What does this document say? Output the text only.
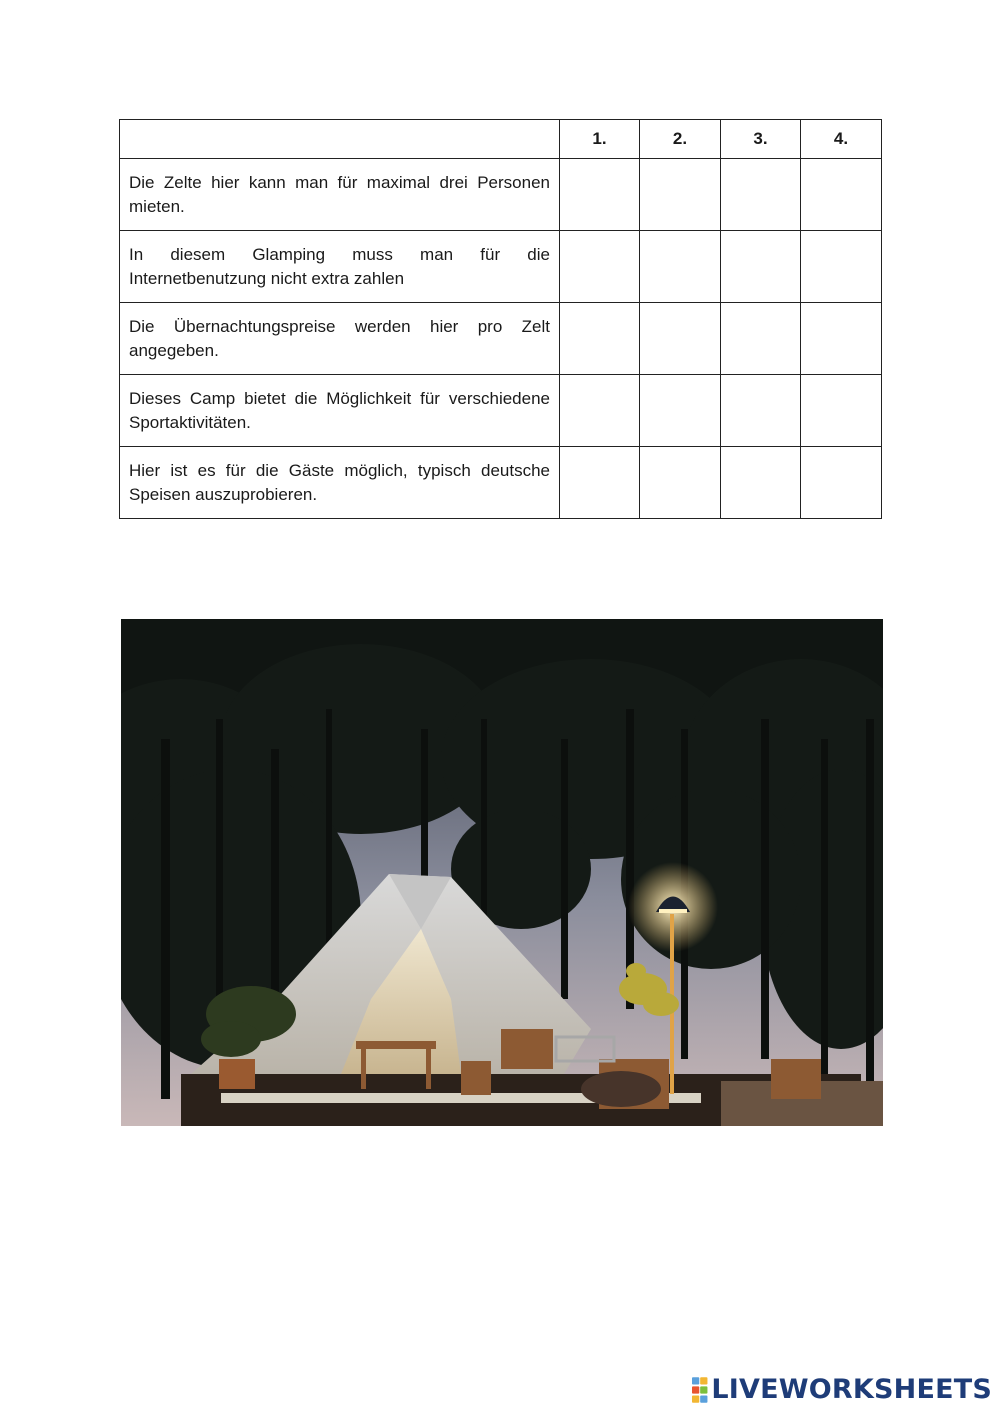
	1.	2.	3.	4.
Die Zelte hier kann man für maximal drei Personen mieten.				
In diesem Glamping muss man für die Internetbenutzung nicht extra zahlen				
Die Übernachtungspreise werden hier pro Zelt angegeben.				
Dieses Camp bietet die Möglichkeit für verschiedene Sportaktivitäten.				
Hier ist es für die Gäste möglich, typisch deutsche Speisen auszuprobieren.				
LIVEWORKSHEETS
